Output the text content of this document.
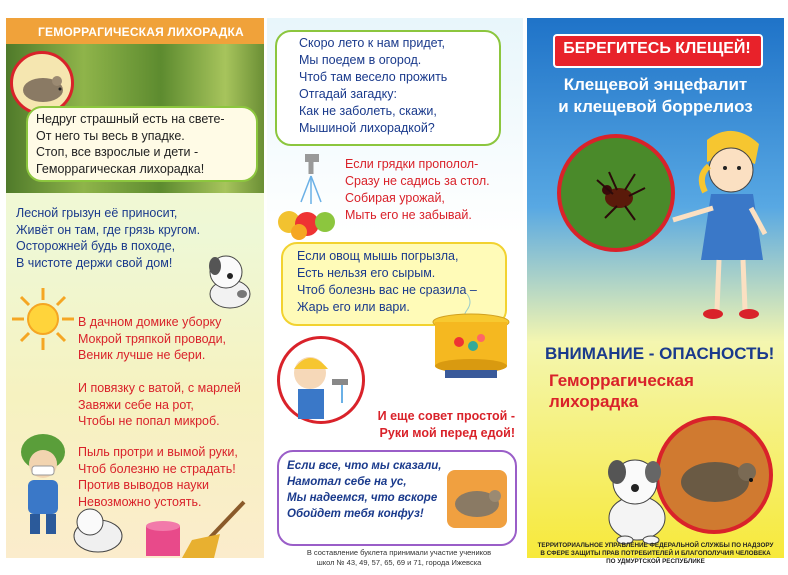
ГЕМОРРАГИЧЕСКАЯ ЛИХОРАДКА
Недруг страшный есть на свете-
От него ты весь в упадке.
Стоп, все взрослые и дети -
Геморрагическая лихорадка!
Лесной грызун её приносит,
Живёт он там, где грязь кругом.
Осторожней будь в походе,
В чистоте держи свой дом!
В дачном домике уборку
Мокрой тряпкой проводи,
Веник лучше не бери.
И повязку с ватой, с марлей
Завяжи себе на рот,
Чтобы не попал микроб.
Пыль протри и вымой руки,
Чтоб болезню не страдать!
Против выводов науки
Невозможно устоять.
Скоро лето к нам придет,
Мы поедем в огород.
Чтоб там весело прожить
Отгадай загадку:
Как не заболеть, скажи,
Мышиной лихорадкой?
Если грядки прополол-
Сразу не садись за стол.
Собирая урожай,
Мыть его не забывай.
Если овощ мышь погрызла,
Есть нельзя его сырым.
Чтоб болезнь вас не сразила –
Жарь его или вари.
И еще совет простой -
Руки мой перед едой!
Если все, что мы сказали,
Намотал себе на ус,
Мы надеемся, что вскоре
Обойдет тебя конфуз!
В составление буклета принимали участие учеников
школ № 43, 49, 57, 65, 69 и 71, города Ижевска
БЕРЕГИТЕСЬ КЛЕЩЕЙ!
Клещевой энцефалит
и клещевой боррелиоз
ВНИМАНИЕ - ОПАСНОСТЬ!
Геморрагическая
лихорадка
ТЕРРИТОРИАЛЬНОЕ УПРАВЛЕНИЕ ФЕДЕРАЛЬНОЙ СЛУЖБЫ ПО НАДЗОРУ
В СФЕРЕ ЗАЩИТЫ ПРАВ ПОТРЕБИТЕЛЕЙ И БЛАГОПОЛУЧИЯ ЧЕЛОВЕКА
ПО УДМУРТСКОЙ РЕСПУБЛИКЕ
